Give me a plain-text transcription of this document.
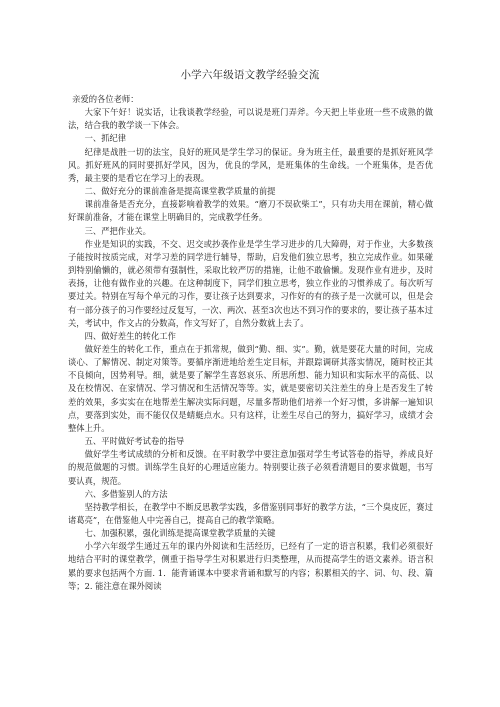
小学六年级语文教学经验交流

亲爱的各位老师：

大家下午好！说实话，让我谈教学经验，可以说是班门弄斧。今天把上毕业班一些不成熟的做法，结合我的教学谈一下体会。

一、抓纪律

纪律是战胜一切的法宝，良好的班风是学生学习的保证。身为班主任，最重要的是抓好班风学风。抓好班风的同时要抓好学风，因为，优良的学风，是班集体的生命线。一个班集体，是否优秀，最主要的是看它在学习上的表现。

二、做好充分的课前准备是提高课堂教学质量的前提

课前准备是否充分，直接影响着教学的效果。“磨刀不误砍柴工”，只有功夫用在课前，精心做好课前准备，才能在课堂上明确目的，完成教学任务。

三、严把作业关。

作业是知识的实践，不交、迟交或抄袭作业是学生学习进步的几大障碍，对于作业，大多数孩子能按时按质完成，对学习差的同学进行辅导，帮助，启发他们独立思考，独立完成作业。如果碰到特别偷懒的，就必须带有强制性，采取比较严厉的措施，让他不敢偷懒。发现作业有进步，及时表扬，让他有做作业的兴趣。在这种制度下，同学们独立思考，独立作业的习惯养成了。每次听写要过关。特别在写每个单元的习作，要让孩子达到要求，习作好的有的孩子是一次就可以，但是会有一部分孩子的习作要经过反复写，一次、两次、甚至3次也达不到习作的要求的，要让孩子基本过关，考试中，作文占的分数高，作文写好了，自然分数就上去了。

四、做好差生的转化工作

做好差生的转化工作，重点在于抓常规，做到“勤、细、实”。勤，就是要花大量的时间，完成谈心、了解情况、制定对策等。要循序渐进地给差生定目标，并跟踪调研其落实情况，随时校正其不良倾向，因势利导。细，就是要了解学生喜怒哀乐、所思所想、能力知识和实际水平的高低、以及在校情况、在家情况、学习情况和生活情况等等。实，就是要密切关注差生的身上是否发生了转差的效果，多实实在在地帮差生解决实际问题，尽量多帮助他们培养一个好习惯，多讲解一遍知识点，要落到实处，而不能仅仅是蜻蜓点水。只有这样，让差生尽自己的努力，搞好学习，成绩才会整体上升。

五、平时做好考试卷的指导

做好学生考试成绩的分析和反馈。在平时教学中要注意加强对学生考试答卷的指导，养成良好的规范做题的习惯。训练学生良好的心理适应能力。特别要让孩子必须看清题目的要求做题，书写要认真，规范。

六、多借鉴别人的方法

坚持教学相长，在教学中不断反思教学实践，多借鉴别同事好的教学方法，“三个臭皮匠，赛过诸葛亮”，在借鉴他人中完善自己，提高自己的教学策略。

七、加强积累，强化训练是提高课堂教学质量的关键

小学六年级学生通过五年的课内外阅读和生活经历，已经有了一定的语言积累，我们必须很好地结合平时的课堂教学，侧重于指导学生对积累进行归类整理，从而提高学生的语文素养。语言积累的要求包括两个方面. 1．能背诵课本中要求背诵和默写的内容；积累相关的字、词、句、段、篇等；2. 能注意在课外阅读
